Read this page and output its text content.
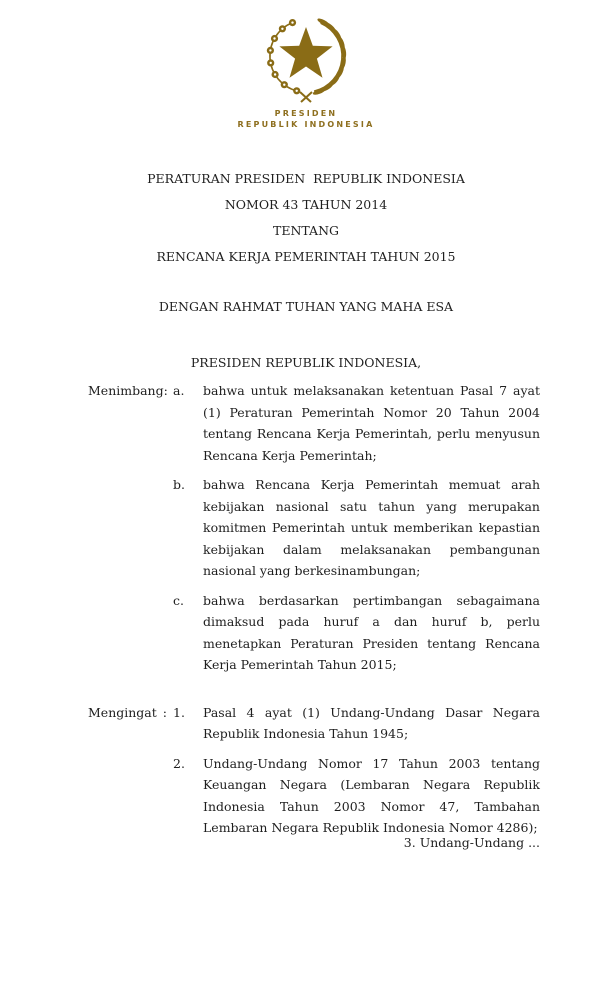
PRESIDEN
REPUBLIK INDONESIA

PERATURAN PRESIDEN  REPUBLIK INDONESIA

NOMOR 43 TAHUN 2014

TENTANG

RENCANA KERJA PEMERINTAH TAHUN 2015

DENGAN RAHMAT TUHAN YANG MAHA ESA
PRESIDEN REPUBLIK INDONESIA,
Menimbang : a.	bahwa untuk melaksanakan ketentuan Pasal 7 ayat (1) Peraturan Pemerintah Nomor 20 Tahun 2004 tentang Rencana Kerja Pemerintah, perlu menyusun Rencana Kerja Pemerintah;
b.	bahwa Rencana Kerja Pemerintah memuat arah kebijakan nasional satu tahun yang merupakan komitmen Pemerintah untuk memberikan kepastian kebijakan dalam melaksanakan pembangunan nasional yang berkesinambungan;
c.	bahwa berdasarkan pertimbangan sebagaimana dimaksud pada huruf a dan huruf b, perlu menetapkan Peraturan Presiden tentang Rencana Kerja Pemerintah Tahun 2015;
Mengingat : 1.	Pasal 4 ayat (1) Undang-Undang Dasar Negara Republik Indonesia Tahun 1945;
2.	Undang-Undang Nomor 17 Tahun 2003 tentang Keuangan Negara (Lembaran Negara Republik Indonesia Tahun 2003 Nomor 47, Tambahan Lembaran Negara Republik Indonesia Nomor 4286);
3. Undang-Undang ...
